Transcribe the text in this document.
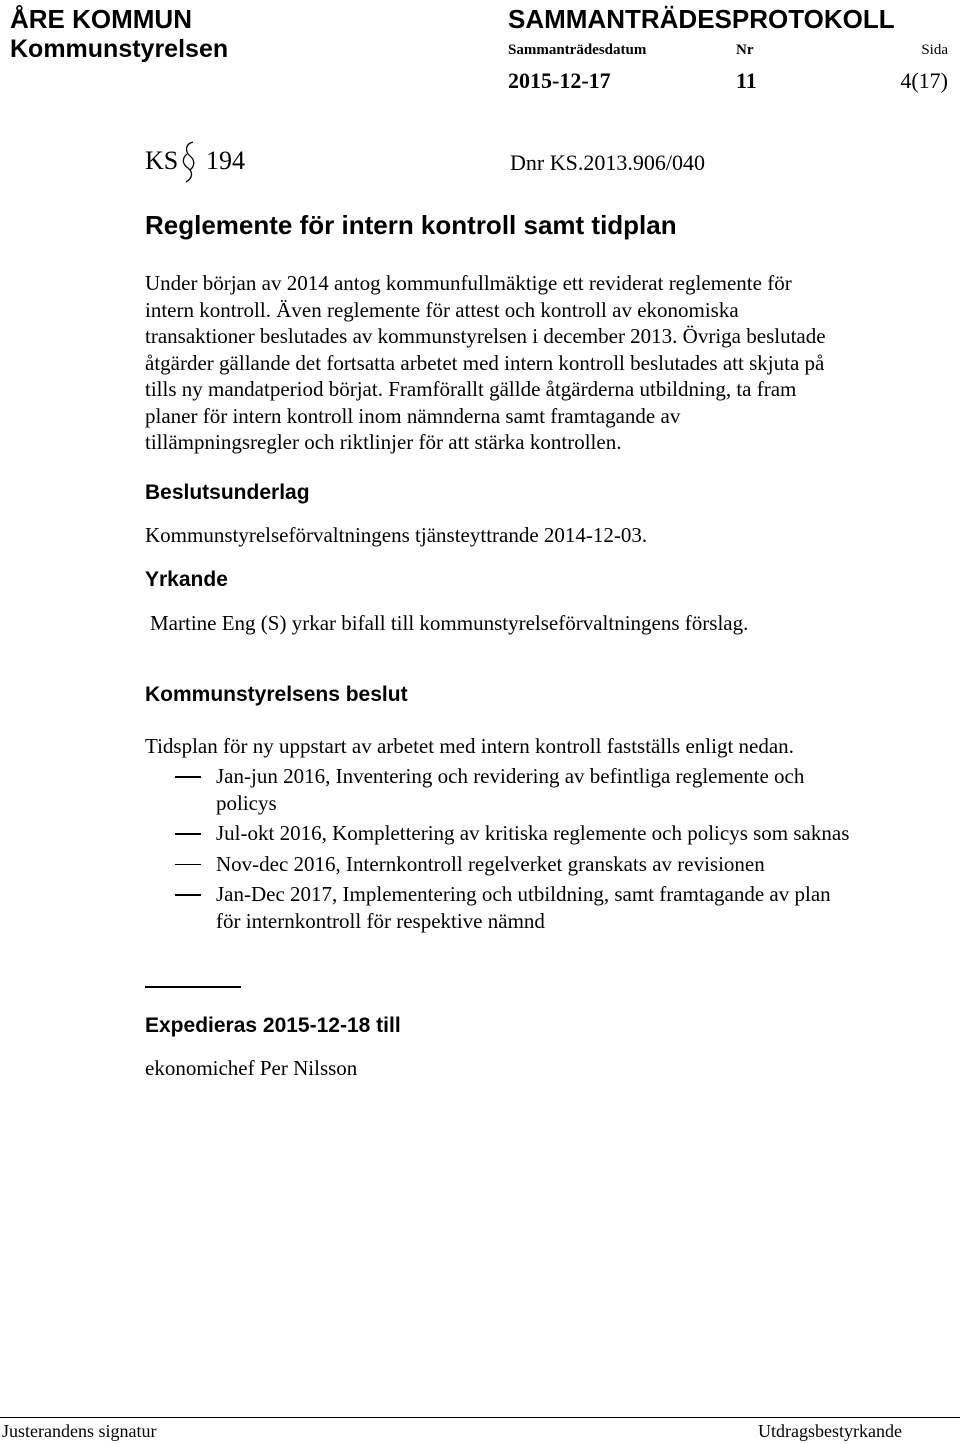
ÅRE KOMMUN
Kommunstyrelsen
SAMMANTRÄDESPROTOKOLL
Sammanträdesdatum	Nr	Sida
2015-12-17	11	4(17)
KS 194	Dnr KS.2013.906/040
Reglemente för intern kontroll samt tidplan
Under början av 2014 antog kommunfullmäktige ett reviderat reglemente för
intern kontroll. Även reglemente för attest och kontroll av ekonomiska
transaktioner beslutades av kommunstyrelsen i december 2013. Övriga beslutade
åtgärder gällande det fortsatta arbetet med intern kontroll beslutades att skjuta på
tills ny mandatperiod börjat. Framförallt gällde åtgärderna utbildning, ta fram
planer för intern kontroll inom nämnderna samt framtagande av
tillämpningsregler och riktlinjer för att stärka kontrollen.
Beslutsunderlag
Kommunstyrelseförvaltningens tjänsteyttrande 2014-12-03.
Yrkande
Martine Eng (S) yrkar bifall till kommunstyrelseförvaltningens förslag.
Kommunstyrelsens beslut
Tidsplan för ny uppstart av arbetet med intern kontroll fastställs enligt nedan.
Jan-jun 2016, Inventering och revidering av befintliga reglemente och
policys
Jul-okt 2016, Komplettering av kritiska reglemente och policys som saknas
Nov-dec 2016, Internkontroll regelverket granskats av revisionen
Jan-Dec 2017, Implementering och utbildning, samt framtagande av plan
för internkontroll för respektive nämnd
Expedieras 2015-12-18 till
ekonomichef Per Nilsson
Justerandens signatur	Utdragsbestyrkande
